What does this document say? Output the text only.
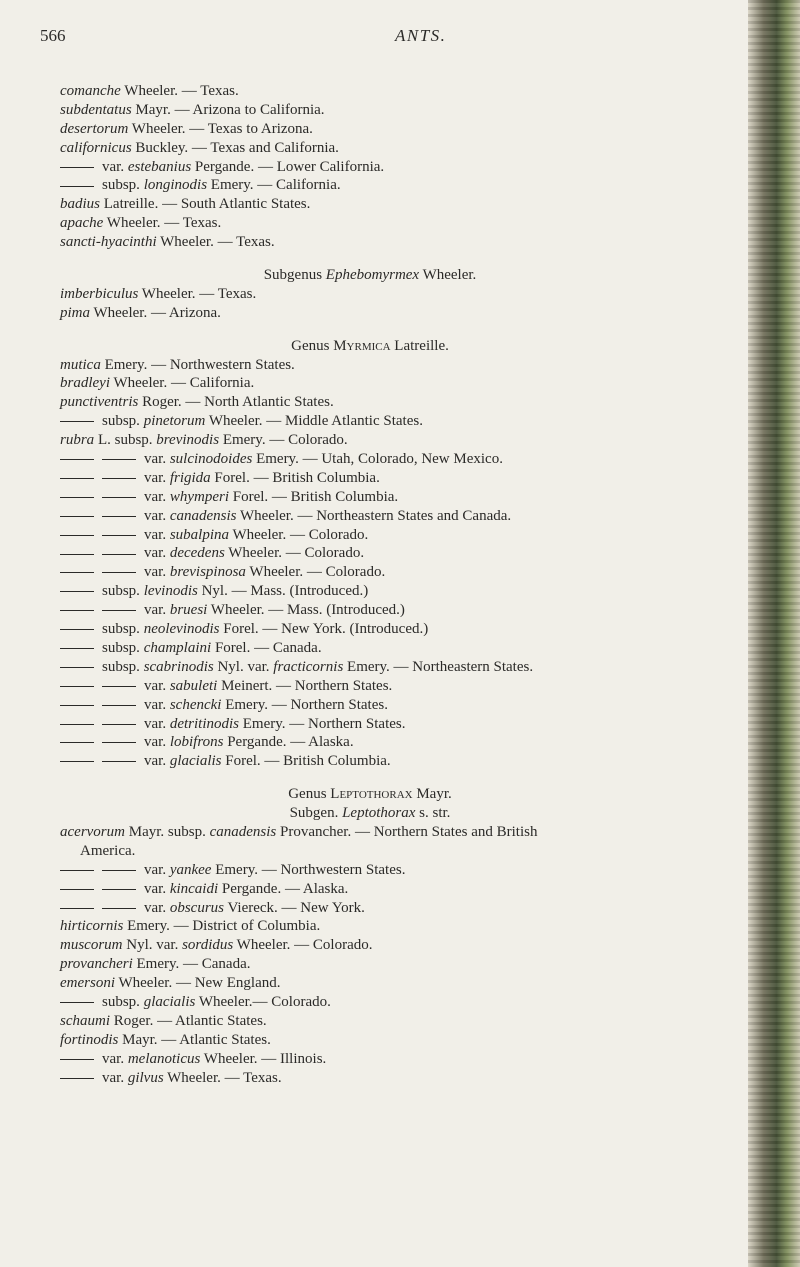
566	ANTS.
comanche Wheeler. — Texas.
subdentatus Mayr. — Arizona to California.
desertorum Wheeler. — Texas to Arizona.
californicus Buckley. — Texas and California.
var. estebanius Pergande. — Lower California.
subsp. longinodis Emery. — California.
badius Latreille. — South Atlantic States.
apache Wheeler. — Texas.
sancti-hyacinthi Wheeler. — Texas.
Subgenus Ephebomyrmex Wheeler.
imberbiculus Wheeler. — Texas.
pima Wheeler. — Arizona.
Genus Myrmica Latreille.
mutica Emery. — Northwestern States.
bradleyi Wheeler. — California.
punctiventris Roger. — North Atlantic States.
subsp. pinetorum Wheeler. — Middle Atlantic States.
rubra L. subsp. brevinodis Emery. — Colorado.
var. sulcinodoides Emery. — Utah, Colorado, New Mexico.
var. frigida Forel. — British Columbia.
var. whymperi Forel. — British Columbia.
var. canadensis Wheeler. — Northeastern States and Canada.
var. subalpina Wheeler. — Colorado.
var. decedens Wheeler. — Colorado.
var. brevispinosa Wheeler. — Colorado.
subsp. levinodis Nyl. — Mass. (Introduced.)
var. bruesi Wheeler. — Mass. (Introduced.)
subsp. neolevinodis Forel. — New York. (Introduced.)
subsp. champlaini Forel. — Canada.
subsp. scabrinodis Nyl. var. fracticornis Emery. — Northeastern States.
var. sabuleti Meinert. — Northern States.
var. schencki Emery. — Northern States.
var. detritinodis Emery. — Northern States.
var. lobifrons Pergande. — Alaska.
var. glacialis Forel. — British Columbia.
Genus Leptothorax Mayr.
Subgen. Leptothorax s. str.
acervorum Mayr. subsp. canadensis Provancher. — Northern States and British
America.
var. yankee Emery. — Northwestern States.
var. kincaidi Pergande. — Alaska.
var. obscurus Viereck. — New York.
hirticornis Emery. — District of Columbia.
muscorum Nyl. var. sordidus Wheeler. — Colorado.
provancheri Emery. — Canada.
emersoni Wheeler. — New England.
subsp. glacialis Wheeler.— Colorado.
schaumi Roger. — Atlantic States.
fortinodis Mayr. — Atlantic States.
var. melanoticus Wheeler. — Illinois.
var. gilvus Wheeler. — Texas.
